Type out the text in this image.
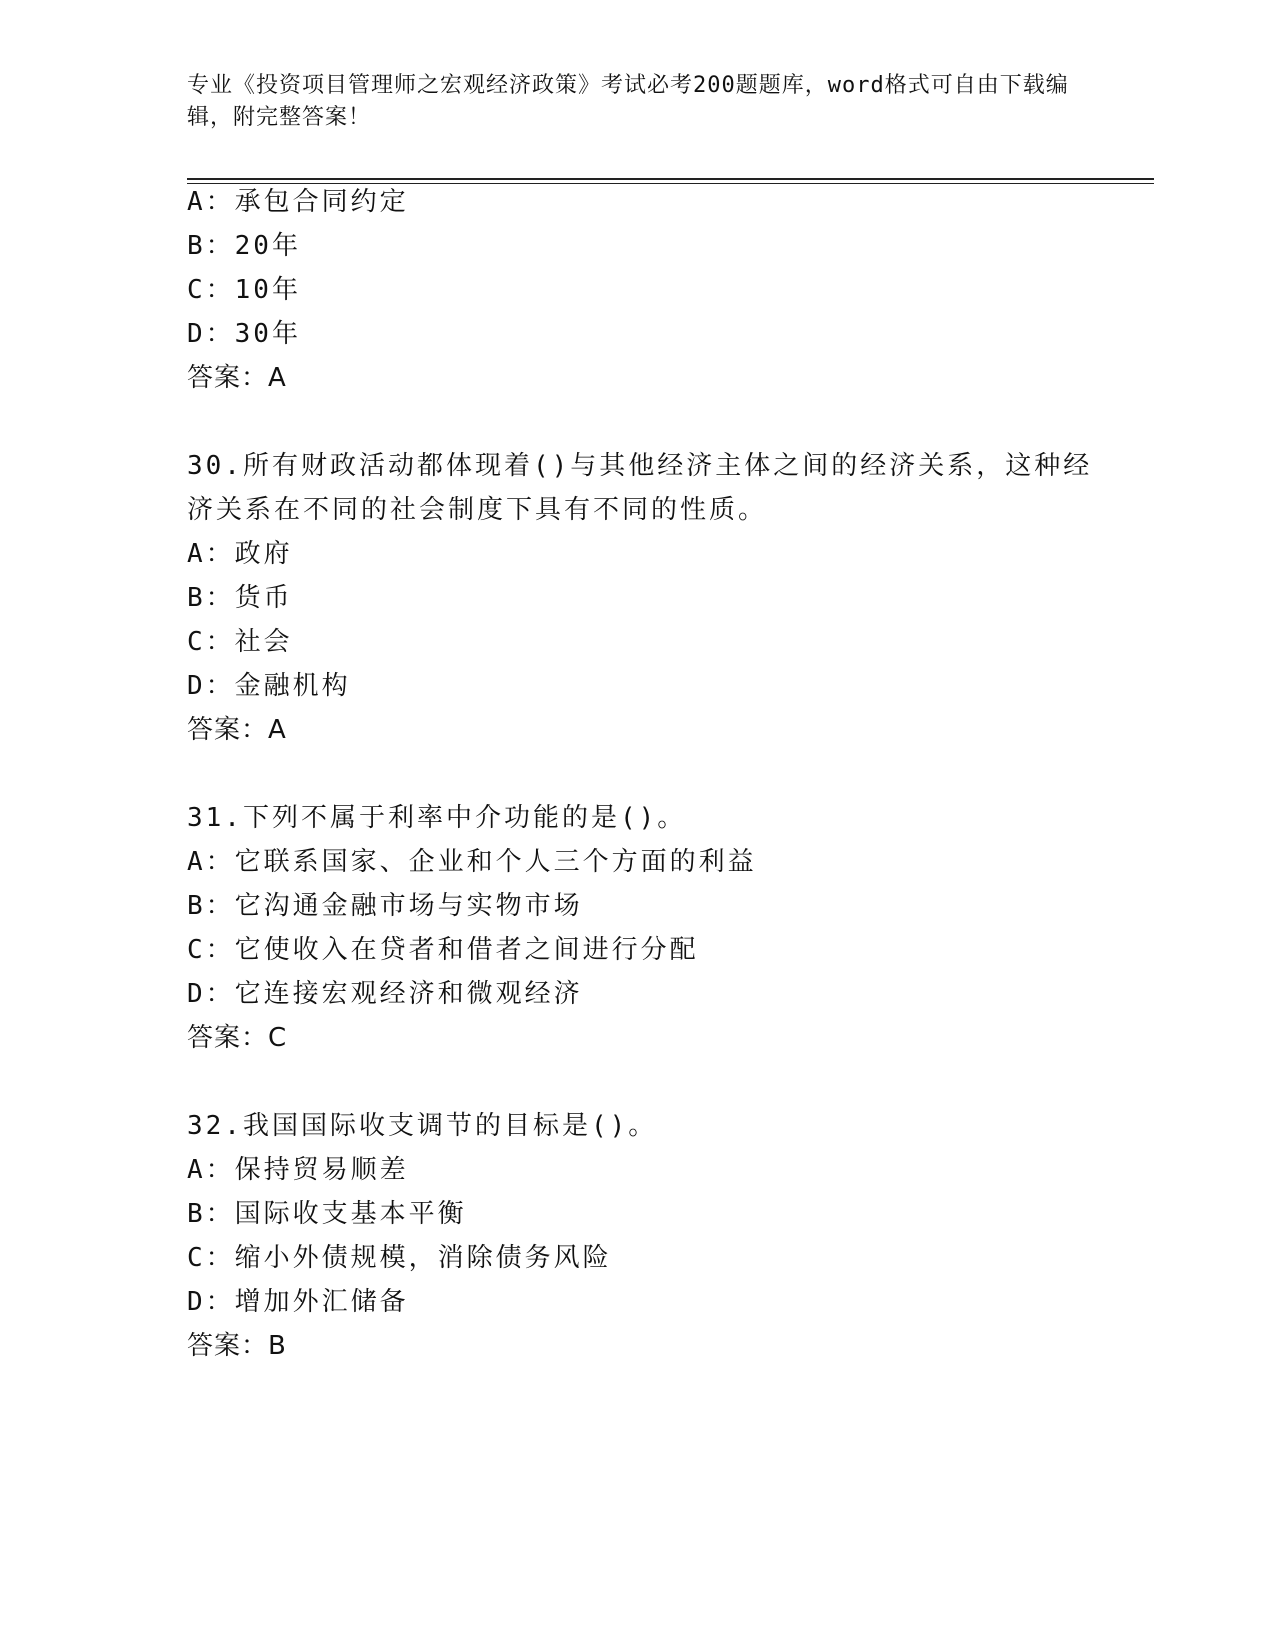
专业《投资项目管理师之宏观经济政策》考试必考200题题库，word格式可自由下载编辑，附完整答案！
A：承包合同约定
B：20年
C：10年
D：30年
答案：A
30.所有财政活动都体现着()与其他经济主体之间的经济关系，这种经
济关系在不同的社会制度下具有不同的性质。
A：政府
B：货币
C：社会
D：金融机构
答案：A
31.下列不属于利率中介功能的是()。
A：它联系国家、企业和个人三个方面的利益
B：它沟通金融市场与实物市场
C：它使收入在贷者和借者之间进行分配
D：它连接宏观经济和微观经济
答案：C
32.我国国际收支调节的目标是()。
A：保持贸易顺差
B：国际收支基本平衡
C：缩小外债规模，消除债务风险
D：增加外汇储备
答案：B
